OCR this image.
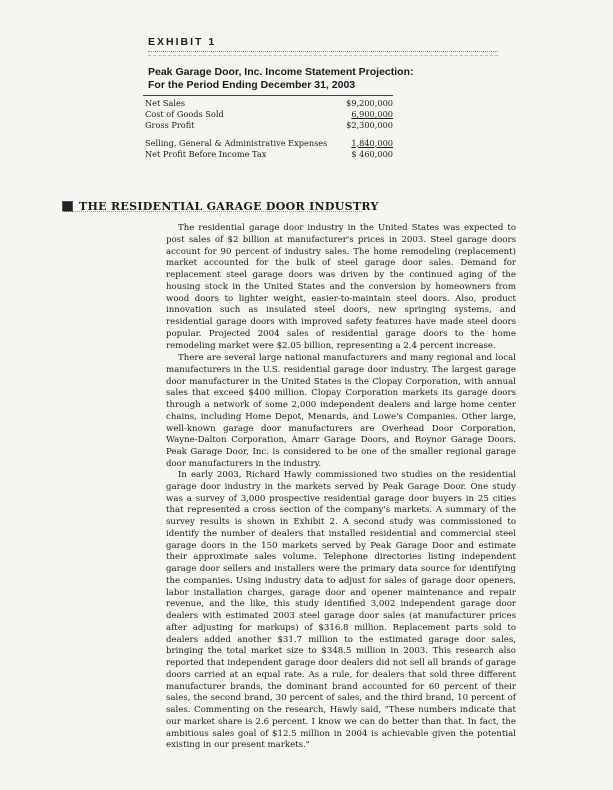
EXHIBIT 1
Peak Garage Door, Inc. Income Statement Projection:
For the Period Ending December 31, 2003
Net Sales	$9,200,000
Cost of Goods Sold	6,900,000
Gross Profit	$2,300,000
Selling, General & Administrative Expenses	1,840,000
Net Profit Before Income Tax	$ 460,000
THE RESIDENTIAL GARAGE DOOR INDUSTRY
The residential garage door industry in the United States was expected to post sales of $2 billion at manufacturer's prices in 2003. Steel garage doors account for 90 percent of industry sales. The home remodeling (replacement) market accounted for the bulk of steel garage door sales. Demand for replacement steel garage doors was driven by the continued aging of the housing stock in the United States and the conversion by homeowners from wood doors to lighter weight, easier-to-maintain steel doors. Also, product innovation such as insulated steel doors, new springing systems, and residential garage doors with improved safety features have made steel doors popular. Projected 2004 sales of residential garage doors to the home remodeling market were $2.05 billion, representing a 2.4 percent increase.
There are several large national manufacturers and many regional and local manufacturers in the U.S. residential garage door industry. The largest garage door manufacturer in the United States is the Clopay Corporation, with annual sales that exceed $400 million. Clopay Corporation markets its garage doors through a network of some 2,000 independent dealers and large home center chains, including Home Depot, Menards, and Lowe's Companies. Other large, well-known garage door manufacturers are Overhead Door Corporation, Wayne-Dalton Corporation, Amarr Garage Doors, and Roynor Garage Doors. Peak Garage Door, Inc. is considered to be one of the smaller regional garage door manufacturers in the industry.
In early 2003, Richard Hawly commissioned two studies on the residential garage door industry in the markets served by Peak Garage Door. One study was a survey of 3,000 prospective residential garage door buyers in 25 cities that represented a cross section of the company's markets. A summary of the survey results is shown in Exhibit 2. A second study was commissioned to identify the number of dealers that installed residential and commercial steel garage doors in the 150 markets served by Peak Garage Door and estimate their approximate sales volume. Telephone directories listing independent garage door sellers and installers were the primary data source for identifying the companies. Using industry data to adjust for sales of garage door openers, labor installation charges, garage door and opener maintenance and repair revenue, and the like, this study identified 3,002 independent garage door dealers with estimated 2003 steel garage door sales (at manufacturer prices after adjusting for markups) of $316.8 million. Replacement parts sold to dealers added another $31.7 million to the estimated garage door sales, bringing the total market size to $348.5 million in 2003. This research also reported that independent garage door dealers did not sell all brands of garage doors carried at an equal rate. As a rule, for dealers that sold three different manufacturer brands, the dominant brand accounted for 60 percent of their sales, the second brand, 30 percent of sales, and the third brand, 10 percent of sales. Commenting on the research, Hawly said, "These numbers indicate that our market share is 2.6 percent. I know we can do better than that. In fact, the ambitious sales goal of $12.5 million in 2004 is achievable given the potential existing in our present markets."
